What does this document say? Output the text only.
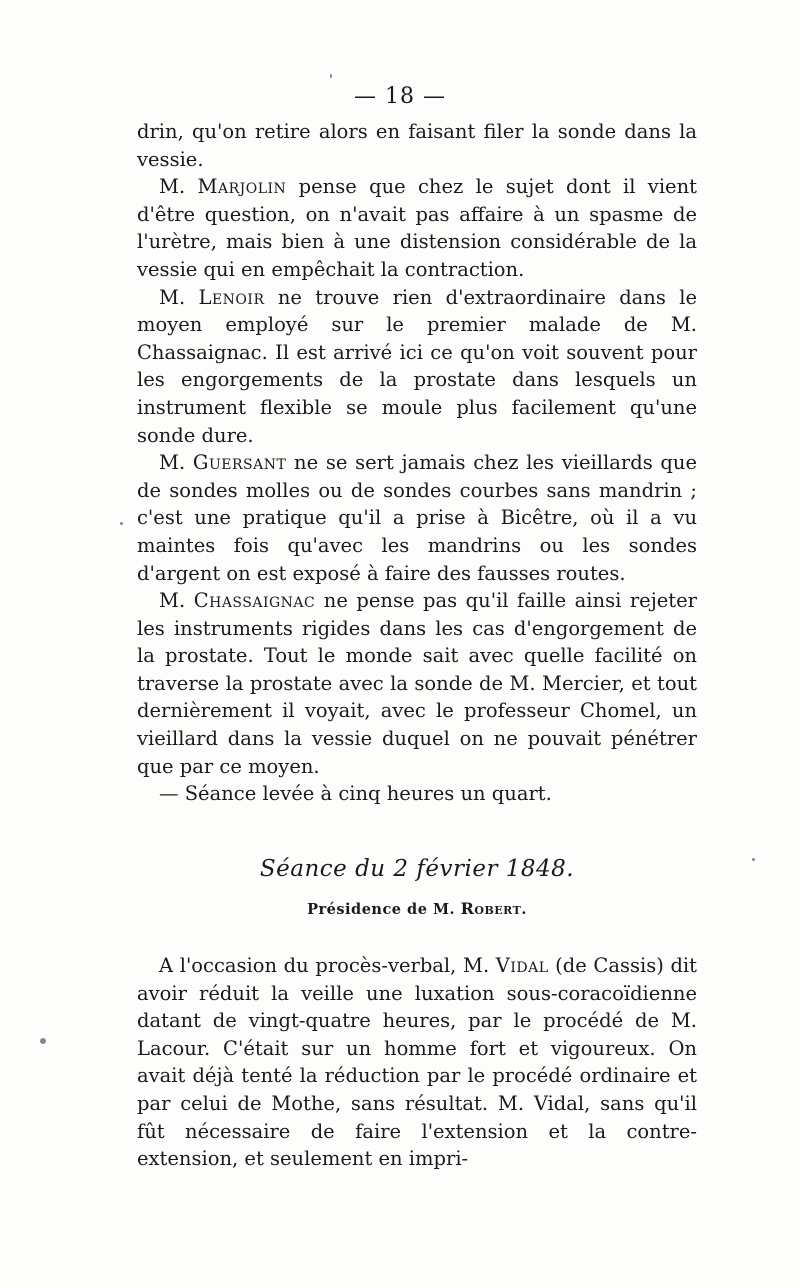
— 18 —

drin, qu'on retire alors en faisant filer la sonde dans la vessie.

M. Marjolin pense que chez le sujet dont il vient d'être question, on n'avait pas affaire à un spasme de l'urètre, mais bien à une distension considérable de la vessie qui en empêchait la contraction.

M. Lenoir ne trouve rien d'extraordinaire dans le moyen employé sur le premier malade de M. Chassaignac. Il est arrivé ici ce qu'on voit souvent pour les engorgements de la prostate dans lesquels un instrument flexible se moule plus facilement qu'une sonde dure.

M. Guersant ne se sert jamais chez les vieillards que de sondes molles ou de sondes courbes sans mandrin ; c'est une pratique qu'il a prise à Bicêtre, où il a vu maintes fois qu'avec les mandrins ou les sondes d'argent on est exposé à faire des fausses routes.

M. Chassaignac ne pense pas qu'il faille ainsi rejeter les instruments rigides dans les cas d'engorgement de la prostate. Tout le monde sait avec quelle facilité on traverse la prostate avec la sonde de M. Mercier, et tout dernièrement il voyait, avec le professeur Chomel, un vieillard dans la vessie duquel on ne pouvait pénétrer que par ce moyen.

— Séance levée à cinq heures un quart.

Séance du 2 février 1848.
Présidence de M. Robert.

A l'occasion du procès-verbal, M. Vidal (de Cassis) dit avoir réduit la veille une luxation sous-coracoïdienne datant de vingt-quatre heures, par le procédé de M. Lacour. C'était sur un homme fort et vigoureux. On avait déjà tenté la réduction par le procédé ordinaire et par celui de Mothe, sans résultat. M. Vidal, sans qu'il fût nécessaire de faire l'extension et la contre-extension, et seulement en impri-
